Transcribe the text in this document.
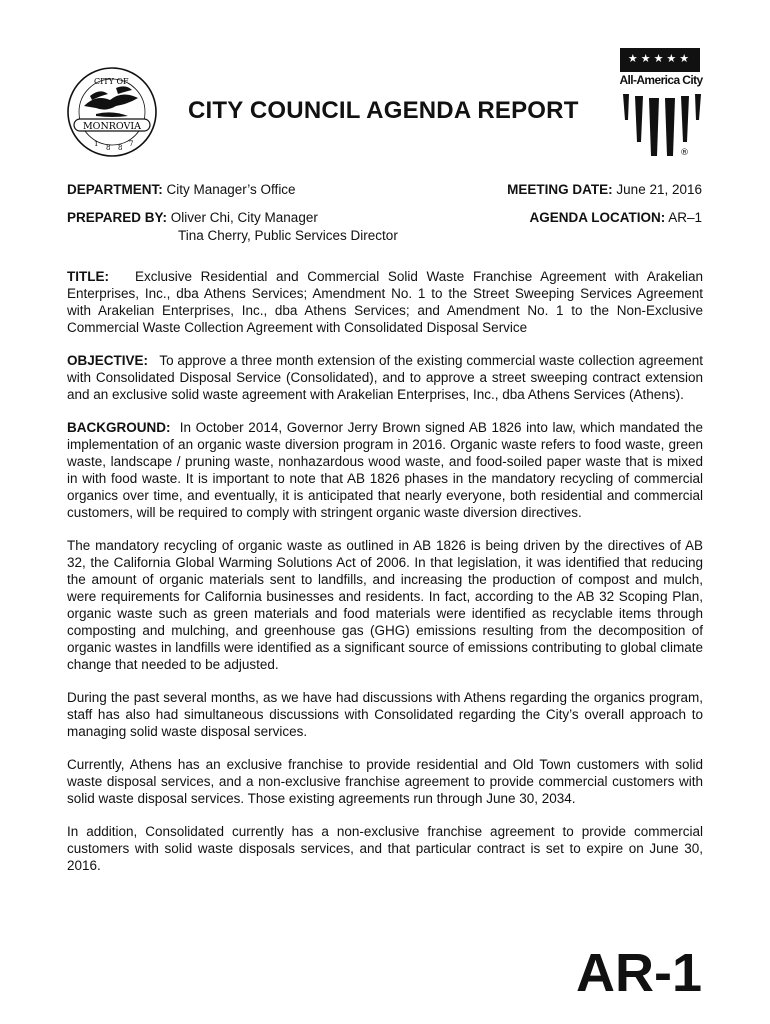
CITY OF
MONROVIA
1 8 8 7
CITY COUNCIL AGENDA REPORT
★★★★★
All-America City
®
DEPARTMENT: City Manager’s Office	MEETING DATE: June 21, 2016
PREPARED BY: Oliver Chi, City Manager
Tina Cherry, Public Services Director
AGENDA LOCATION: AR–1

TITLE: Exclusive Residential and Commercial Solid Waste Franchise Agreement with Arakelian Enterprises, Inc., dba Athens Services; Amendment No. 1 to the Street Sweeping Services Agreement with Arakelian Enterprises, Inc., dba Athens Services; and Amendment No. 1 to the Non-Exclusive Commercial Waste Collection Agreement with Consolidated Disposal Service

OBJECTIVE: To approve a three month extension of the existing commercial waste collection agreement with Consolidated Disposal Service (Consolidated), and to approve a street sweeping contract extension and an exclusive solid waste agreement with Arakelian Enterprises, Inc., dba Athens Services (Athens).

BACKGROUND: In October 2014, Governor Jerry Brown signed AB 1826 into law, which mandated the implementation of an organic waste diversion program in 2016. Organic waste refers to food waste, green waste, landscape / pruning waste, nonhazardous wood waste, and food-soiled paper waste that is mixed in with food waste. It is important to note that AB 1826 phases in the mandatory recycling of commercial organics over time, and eventually, it is anticipated that nearly everyone, both residential and commercial customers, will be required to comply with stringent organic waste diversion directives.

The mandatory recycling of organic waste as outlined in AB 1826 is being driven by the directives of AB 32, the California Global Warming Solutions Act of 2006. In that legislation, it was identified that reducing the amount of organic materials sent to landfills, and increasing the production of compost and mulch, were requirements for California businesses and residents. In fact, according to the AB 32 Scoping Plan, organic waste such as green materials and food materials were identified as recyclable items through composting and mulching, and greenhouse gas (GHG) emissions resulting from the decomposition of organic wastes in landfills were identified as a significant source of emissions contributing to global climate change that needed to be adjusted.

During the past several months, as we have had discussions with Athens regarding the organics program, staff has also had simultaneous discussions with Consolidated regarding the City’s overall approach to managing solid waste disposal services.

Currently, Athens has an exclusive franchise to provide residential and Old Town customers with solid waste disposal services, and a non-exclusive franchise agreement to provide commercial customers with solid waste disposal services. Those existing agreements run through June 30, 2034.

In addition, Consolidated currently has a non-exclusive franchise agreement to provide commercial customers with solid waste disposals services, and that particular contract is set to expire on June 30, 2016.

AR-1
